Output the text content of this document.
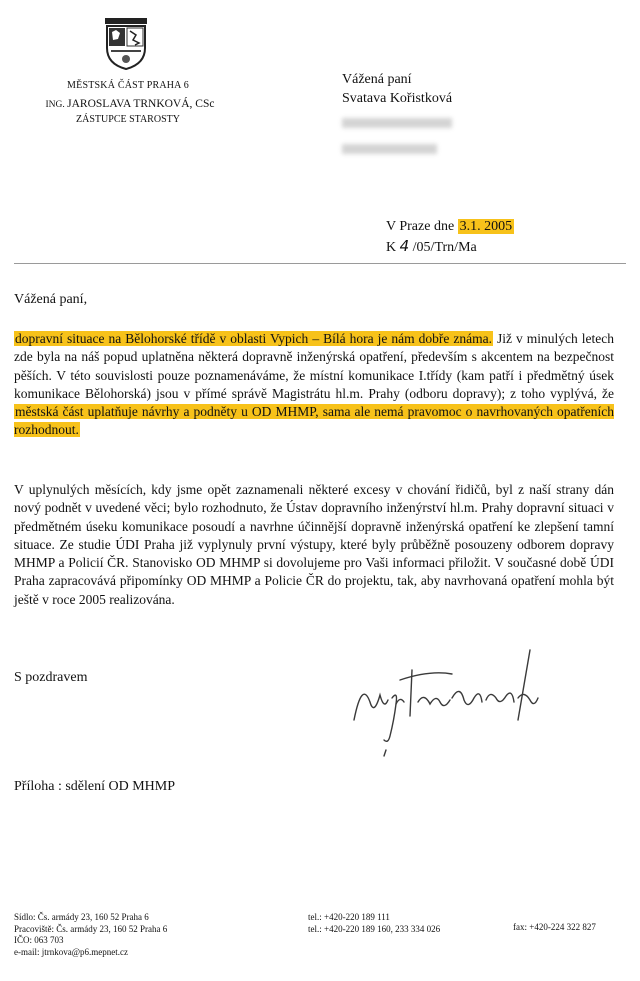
MĚSTSKÁ ČÁST PRAHA 6
ING. JAROSLAVA TRNKOVÁ, CSc
ZÁSTUPCE STAROSTY
Vážená paní
Svatava Kořistková
V Praze dne 3.1. 2005
K 4 /05/Trn/Ma
Vážená paní,

dopravní situace na Bělohorské třídě v oblasti Vypich – Bílá hora je nám dobře známa. Již v minulých letech zde byla na náš popud uplatněna některá dopravně inženýrská opatření, především s akcentem na bezpečnost pěších. V této souvislosti pouze poznamenáváme, že místní komunikace I.třídy (kam patří i předmětný úsek komunikace Bělohorská) jsou v přímé správě Magistrátu hl.m. Prahy (odboru dopravy); z toho vyplývá, že městská část uplatňuje návrhy a podněty u OD MHMP, sama ale nemá pravomoc o navrhovaných opatřeních rozhodnout.

V uplynulých měsících, kdy jsme opět zaznamenali některé excesy v chování řidičů, byl z naší strany dán nový podnět v uvedené věci; bylo rozhodnuto, že Ústav dopravního inženýrství hl.m. Prahy dopravní situaci v předmětném úseku komunikace posoudí a navrhne účinnější dopravně inženýrská opatření ke zlepšení tamní situace. Ze studie ÚDI Praha již vyplynuly první výstupy, které byly průběžně posouzeny odborem dopravy MHMP a Policií ČR. Stanovisko OD MHMP si dovolujeme pro Vaši informaci přiložit. V současné době ÚDI Praha zapracovává připomínky OD MHMP a Policie ČR do projektu, tak, aby navrhovaná opatření mohla být ještě v roce 2005 realizována.

S pozdravem
Příloha : sdělení OD MHMP
Sídlo: Čs. armády 23, 160 52 Praha 6
Pracoviště: Čs. armády 23, 160 52 Praha 6
IČO: 063 703
e-mail: jtrnkova@p6.mepnet.cz
tel.: +420-220 189 111
tel.: +420-220 189 160, 233 334 026	fax: +420-224 322 827
